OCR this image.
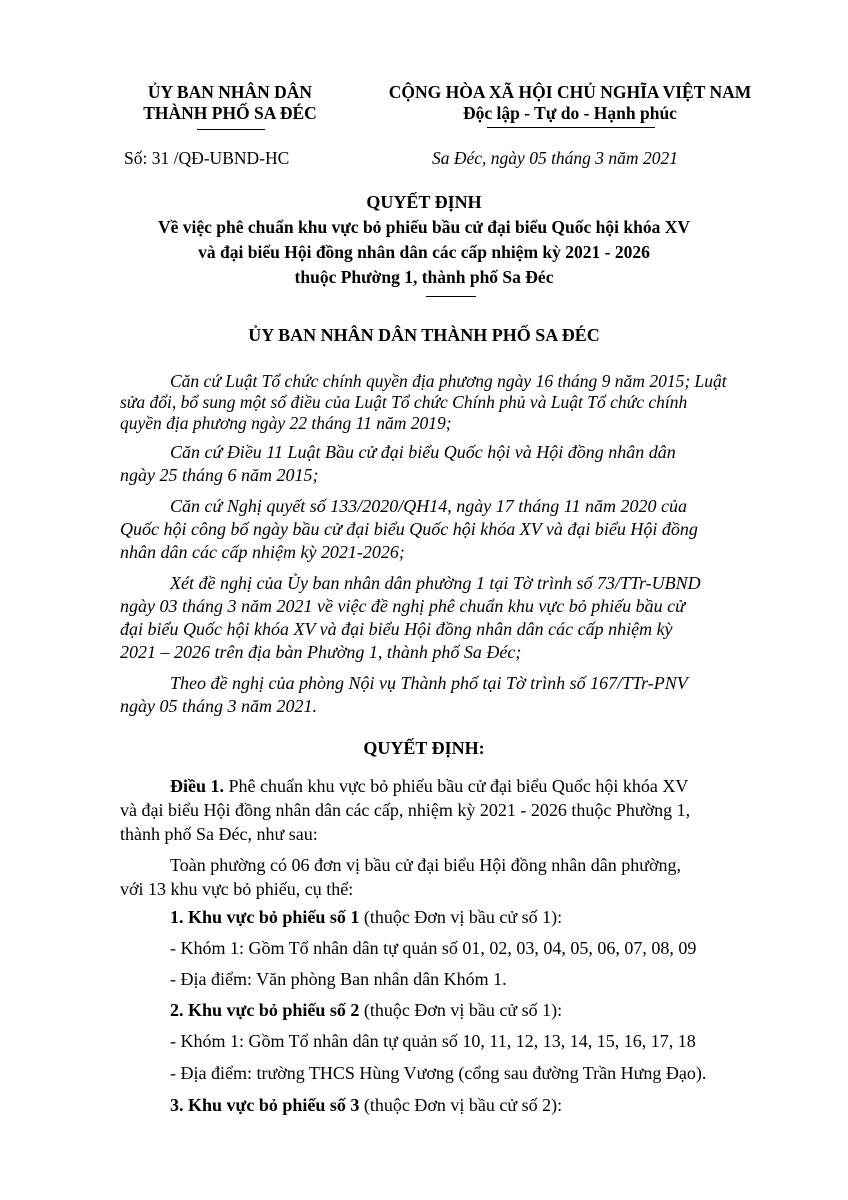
ỦY BAN NHÂN DÂN
THÀNH PHỐ SA ĐÉC
CỘNG HÒA XÃ HỘI CHỦ NGHĨA VIỆT NAM
Độc lập - Tự do - Hạnh phúc
Số: 31 /QĐ-UBND-HC	Sa Đéc, ngày 05 tháng 3 năm 2021
QUYẾT ĐỊNH
Về việc phê chuẩn khu vực bỏ phiếu bầu cử đại biểu Quốc hội khóa XV
và đại biểu Hội đồng nhân dân các cấp nhiệm kỳ 2021 - 2026
thuộc Phường 1, thành phố Sa Đéc
ỦY BAN NHÂN DÂN THÀNH PHỐ SA ĐÉC
Căn cứ Luật Tổ chức chính quyền địa phương ngày 16 tháng 9 năm 2015; Luật
sửa đổi, bổ sung một số điều của Luật Tổ chức Chính phủ và Luật Tổ chức chính
quyền địa phương ngày 22 tháng 11 năm 2019;
Căn cứ Điều 11 Luật Bầu cử đại biểu Quốc hội và Hội đồng nhân dân
ngày 25 tháng 6 năm 2015;
Căn cứ Nghị quyết số 133/2020/QH14, ngày 17 tháng 11 năm 2020 của
Quốc hội công bố ngày bầu cử đại biểu Quốc hội khóa XV và đại biểu Hội đồng
nhân dân các cấp nhiệm kỳ 2021-2026;
Xét đề nghị của Ủy ban nhân dân phường 1 tại Tờ trình số 73/TTr-UBND
ngày 03 tháng 3 năm 2021 về việc đề nghị phê chuẩn khu vực bỏ phiếu bầu cử
đại biểu Quốc hội khóa XV và đại biểu Hội đồng nhân dân các cấp nhiệm kỳ
2021 – 2026 trên địa bàn Phường 1, thành phố Sa Đéc;
Theo đề nghị của phòng Nội vụ Thành phố tại Tờ trình số 167/TTr-PNV
ngày 05 tháng 3 năm 2021.
QUYẾT ĐỊNH:
Điều 1. Phê chuẩn khu vực bỏ phiếu bầu cử đại biểu Quốc hội khóa XV
và đại biểu Hội đồng nhân dân các cấp, nhiệm kỳ 2021 - 2026 thuộc Phường 1,
thành phố Sa Đéc, như sau:
Toàn phường có 06 đơn vị bầu cử đại biểu Hội đồng nhân dân phường,
với 13 khu vực bỏ phiếu, cụ thể:
1. Khu vực bỏ phiếu số 1 (thuộc Đơn vị bầu cử số 1):
- Khóm 1: Gồm Tổ nhân dân tự quản số 01, 02, 03, 04, 05, 06, 07, 08, 09
- Địa điểm: Văn phòng Ban nhân dân Khóm 1.
2. Khu vực bỏ phiếu số 2 (thuộc Đơn vị bầu cử số 1):
- Khóm 1: Gồm Tổ nhân dân tự quản số 10, 11, 12, 13, 14, 15, 16, 17, 18
- Địa điểm: trường THCS Hùng Vương (cổng sau đường Trần Hưng Đạo).
3. Khu vực bỏ phiếu số 3 (thuộc Đơn vị bầu cử số 2):
